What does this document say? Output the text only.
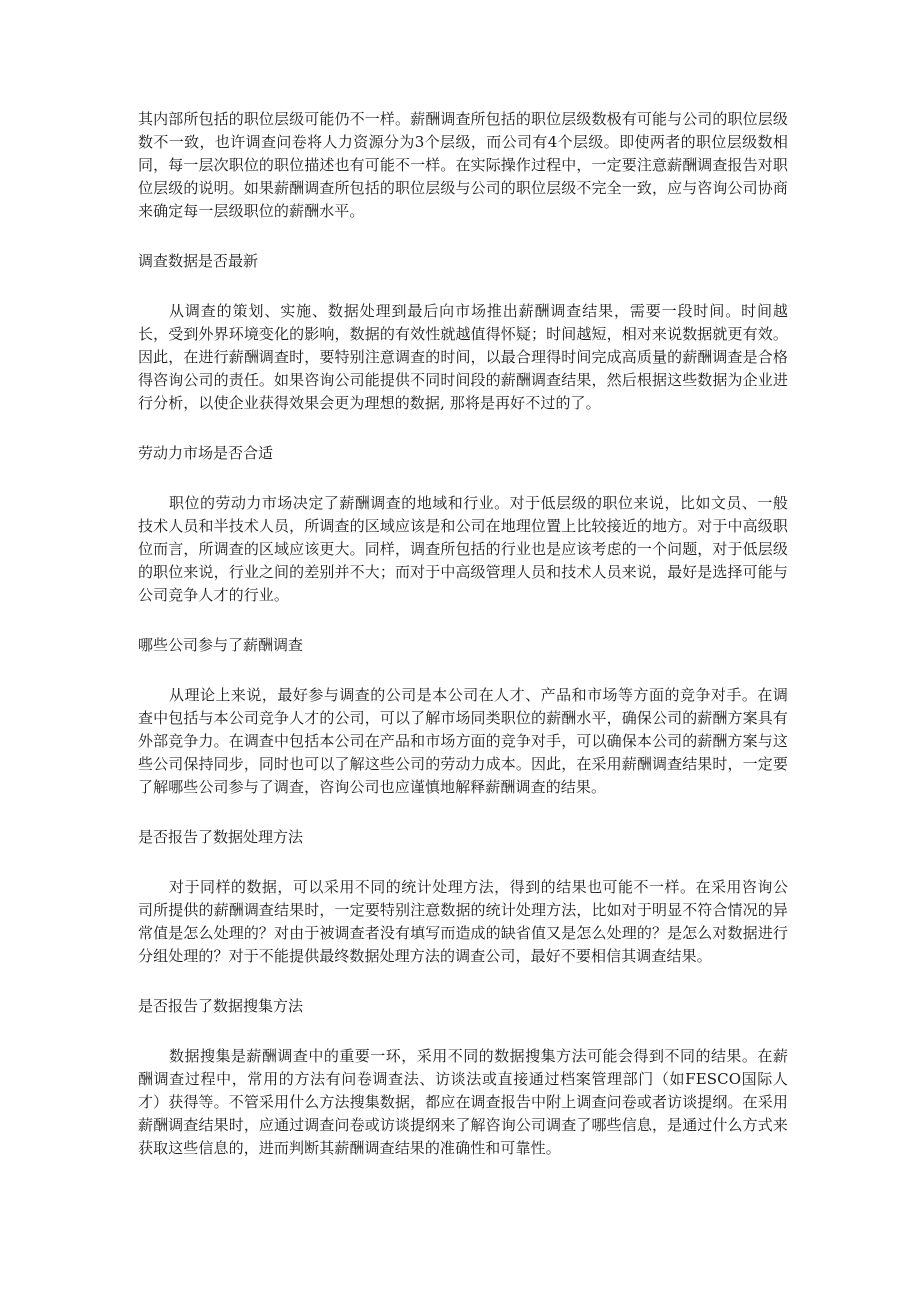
其内部所包括的职位层级可能仍不一样。薪酬调查所包括的职位层级数极有可能与公司的职位层级数不一致，也许调查问卷将人力资源分为3个层级，而公司有4个层级。即使两者的职位层级数相同，每一层次职位的职位描述也有可能不一样。在实际操作过程中，一定要注意薪酬调查报告对职位层级的说明。如果薪酬调查所包括的职位层级与公司的职位层级不完全一致，应与咨询公司协商来确定每一层级职位的薪酬水平。

调查数据是否最新

从调查的策划、实施、数据处理到最后向市场推出薪酬调查结果，需要一段时间。时间越长，受到外界环境变化的影响，数据的有效性就越值得怀疑；时间越短，相对来说数据就更有效。因此，在进行薪酬调查时，要特别注意调查的时间，以最合理得时间完成高质量的薪酬调查是合格得咨询公司的责任。如果咨询公司能提供不同时间段的薪酬调查结果，然后根据这些数据为企业进行分析，以使企业获得效果会更为理想的数据, 那将是再好不过的了。

劳动力市场是否合适

职位的劳动力市场决定了薪酬调查的地域和行业。对于低层级的职位来说，比如文员、一般技术人员和半技术人员，所调查的区域应该是和公司在地理位置上比较接近的地方。对于中高级职位而言，所调查的区域应该更大。同样，调查所包括的行业也是应该考虑的一个问题，对于低层级的职位来说，行业之间的差别并不大；而对于中高级管理人员和技术人员来说，最好是选择可能与公司竞争人才的行业。

哪些公司参与了薪酬调查

从理论上来说，最好参与调查的公司是本公司在人才、产品和市场等方面的竞争对手。在调查中包括与本公司竞争人才的公司，可以了解市场同类职位的薪酬水平，确保公司的薪酬方案具有外部竞争力。在调查中包括本公司在产品和市场方面的竞争对手，可以确保本公司的薪酬方案与这些公司保持同步，同时也可以了解这些公司的劳动力成本。因此，在采用薪酬调查结果时，一定要了解哪些公司参与了调查，咨询公司也应谨慎地解释薪酬调查的结果。

是否报告了数据处理方法

对于同样的数据，可以采用不同的统计处理方法，得到的结果也可能不一样。在采用咨询公司所提供的薪酬调查结果时，一定要特别注意数据的统计处理方法，比如对于明显不符合情况的异常值是怎么处理的？对由于被调查者没有填写而造成的缺省值又是怎么处理的？是怎么对数据进行分组处理的？对于不能提供最终数据处理方法的调查公司，最好不要相信其调查结果。

是否报告了数据搜集方法

数据搜集是薪酬调查中的重要一环，采用不同的数据搜集方法可能会得到不同的结果。在薪酬调查过程中，常用的方法有问卷调查法、访谈法或直接通过档案管理部门（如FESCO国际人才）获得等。不管采用什么方法搜集数据，都应在调查报告中附上调查问卷或者访谈提纲。在采用薪酬调查结果时，应通过调查问卷或访谈提纲来了解咨询公司调查了哪些信息，是通过什么方式来获取这些信息的，进而判断其薪酬调查结果的准确性和可靠性。
